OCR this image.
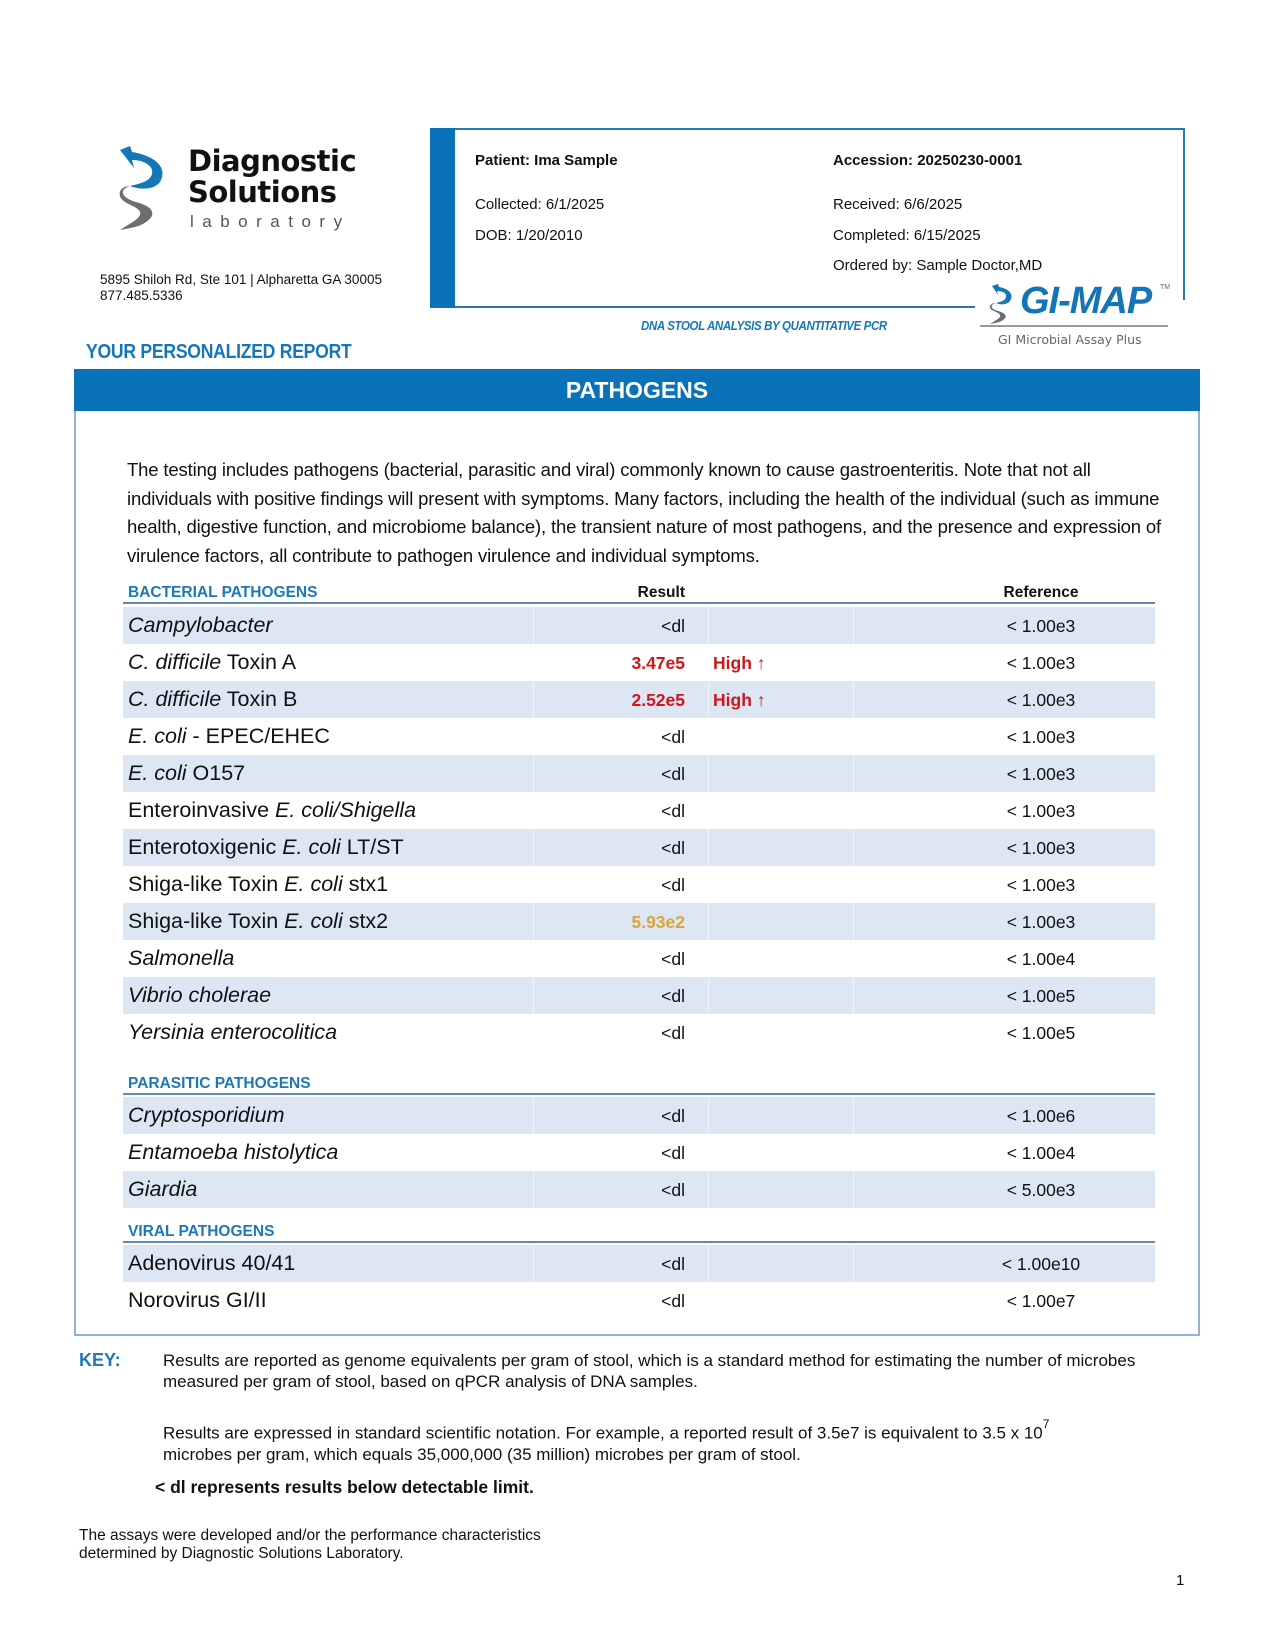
Diagnostic
Solutions
laboratory
5895 Shiloh Rd, Ste 101 | Alpharetta GA 30005
877.485.5336
Patient: Ima Sample
Collected: 6/1/2025
DOB: 1/20/2010
Accession: 20250230-0001
Received: 6/6/2025
Completed: 6/15/2025
Ordered by: Sample Doctor,MD
DNA STOOL ANALYSIS BY QUANTITATIVE PCR
GI-MAP TM
GI Microbial Assay Plus
YOUR PERSONALIZED REPORT
PATHOGENS
The testing includes pathogens (bacterial, parasitic and viral) commonly known to cause gastroenteritis. Note that not all individuals with positive findings will present with symptoms. Many factors, including the health of the individual (such as immune health, digestive function, and microbiome balance), the transient nature of most pathogens, and the presence and expression of virulence factors, all contribute to pathogen virulence and individual symptoms.
BACTERIAL PATHOGENS	Result	Reference
Campylobacter	<dl	< 1.00e3
C. difficile Toxin A	3.47e5 High ↑	< 1.00e3
C. difficile Toxin B	2.52e5 High ↑	< 1.00e3
E. coli - EPEC/EHEC	<dl	< 1.00e3
E. coli O157	<dl	< 1.00e3
Enteroinvasive E. coli/Shigella	<dl	< 1.00e3
Enterotoxigenic E. coli LT/ST	<dl	< 1.00e3
Shiga-like Toxin E. coli stx1	<dl	< 1.00e3
Shiga-like Toxin E. coli stx2	5.93e2	< 1.00e3
Salmonella	<dl	< 1.00e4
Vibrio cholerae	<dl	< 1.00e5
Yersinia enterocolitica	<dl	< 1.00e5
PARASITIC PATHOGENS
Cryptosporidium	<dl	< 1.00e6
Entamoeba histolytica	<dl	< 1.00e4
Giardia	<dl	< 5.00e3
VIRAL PATHOGENS
Adenovirus 40/41	<dl	< 1.00e10
Norovirus GI/II	<dl	< 1.00e7
KEY: Results are reported as genome equivalents per gram of stool, which is a standard method for estimating the number of microbes measured per gram of stool, based on qPCR analysis of DNA samples.
Results are expressed in standard scientific notation. For example, a reported result of 3.5e7 is equivalent to 3.5 x $10^7$
microbes per gram, which equals 35,000,000 (35 million) microbes per gram of stool.
< dl represents results below detectable limit.
The assays were developed and/or the performance characteristics
determined by Diagnostic Solutions Laboratory.
1
